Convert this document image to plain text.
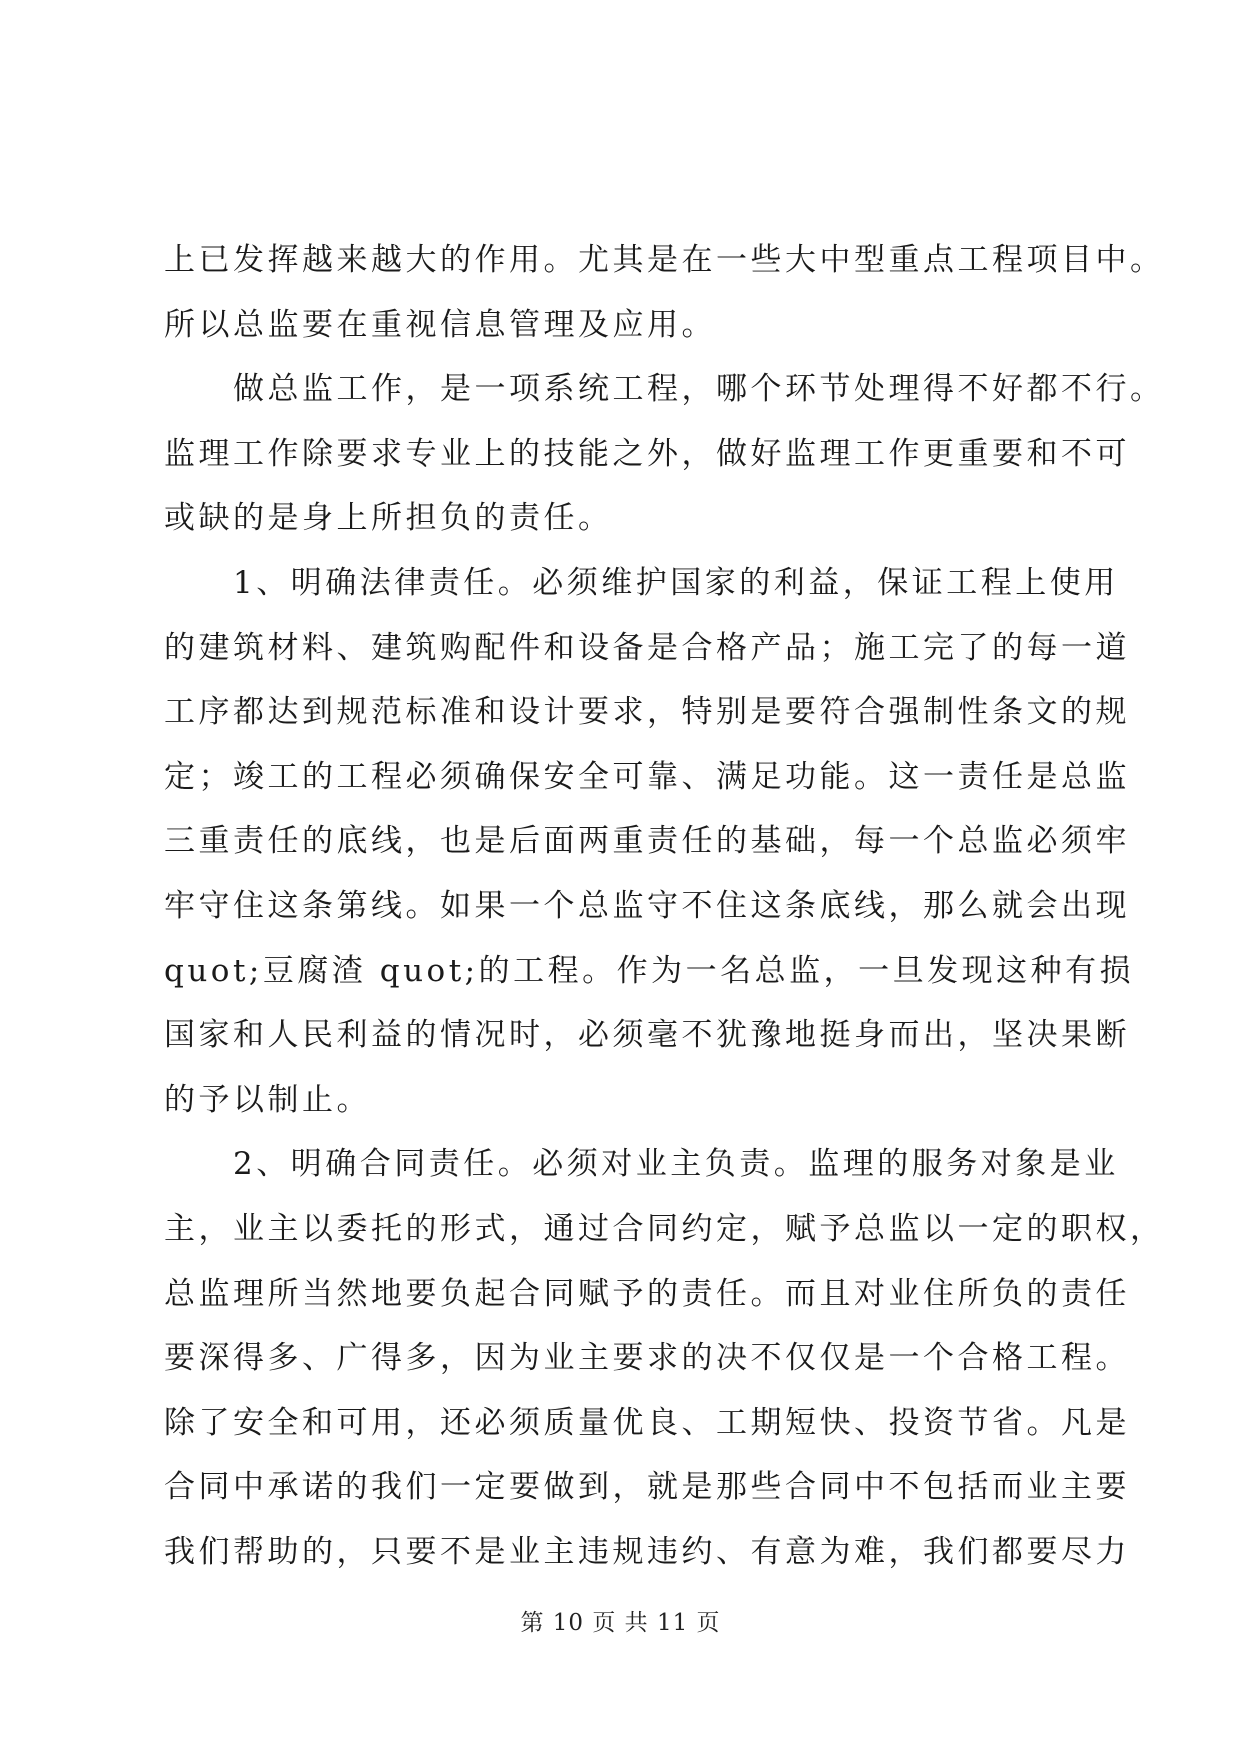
上已发挥越来越大的作用。尤其是在一些大中型重点工程项目中。
所以总监要在重视信息管理及应用。
　　做总监工作，是一项系统工程，哪个环节处理得不好都不行。
监理工作除要求专业上的技能之外，做好监理工作更重要和不可
或缺的是身上所担负的责任。
　　1、明确法律责任。必须维护国家的利益，保证工程上使用
的建筑材料、建筑购配件和设备是合格产品；施工完了的每一道
工序都达到规范标准和设计要求，特别是要符合强制性条文的规
定；竣工的工程必须确保安全可靠、满足功能。这一责任是总监
三重责任的底线，也是后面两重责任的基础，每一个总监必须牢
牢守住这条第线。如果一个总监守不住这条底线，那么就会出现
quot;豆腐渣 quot;的工程。作为一名总监，一旦发现这种有损
国家和人民利益的情况时，必须毫不犹豫地挺身而出，坚决果断
的予以制止。
　　2、明确合同责任。必须对业主负责。监理的服务对象是业
主，业主以委托的形式，通过合同约定，赋予总监以一定的职权，
总监理所当然地要负起合同赋予的责任。而且对业住所负的责任
要深得多、广得多，因为业主要求的决不仅仅是一个合格工程。
除了安全和可用，还必须质量优良、工期短快、投资节省。凡是
合同中承诺的我们一定要做到，就是那些合同中不包括而业主要
我们帮助的，只要不是业主违规违约、有意为难，我们都要尽力
第 10 页 共 11 页
